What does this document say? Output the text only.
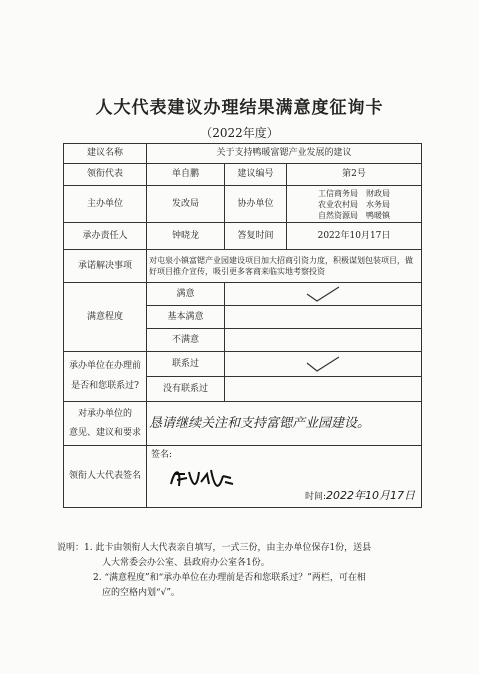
人大代表建议办理结果满意度征询卡
（2022年度）
建议名称	关于支持鸭暖富锶产业发展的建议		
领衔代表	单自鹏	建议编号	第2号
主办单位	发改局	协办单位	工信商务局　财政局
农业农村局　水务局
自然资源局　鸭暖镇

承办责任人	钟晓龙	答复时间	2022年10月17日
承诺解决事项	对屯泉小镇富锶产业园建设项目加大招商引资力度，积极谋划包装项目，做好项目推介宣传，吸引更多客商来临实地考察投资		
满意程度	满意	

	基本满意		
	不满意		

承办单位在办理前
是否和您联系过?	联系过	

	没有联系过		

对承办单位的
意见、建议和要求	恳请继续关注和支持富锶产业园建设。		
领衔人大代表签名	签名:
时间:2022年10月17日		
说明：1. 此卡由领衔人大代表亲自填写，一式三份，由主办单位保存1份，送县
人大常委会办公室、县政府办公室各1份。
2. “满意程度”和“承办单位在办理前是否和您联系过？”两栏，可在相
应的空格内划“√”。
